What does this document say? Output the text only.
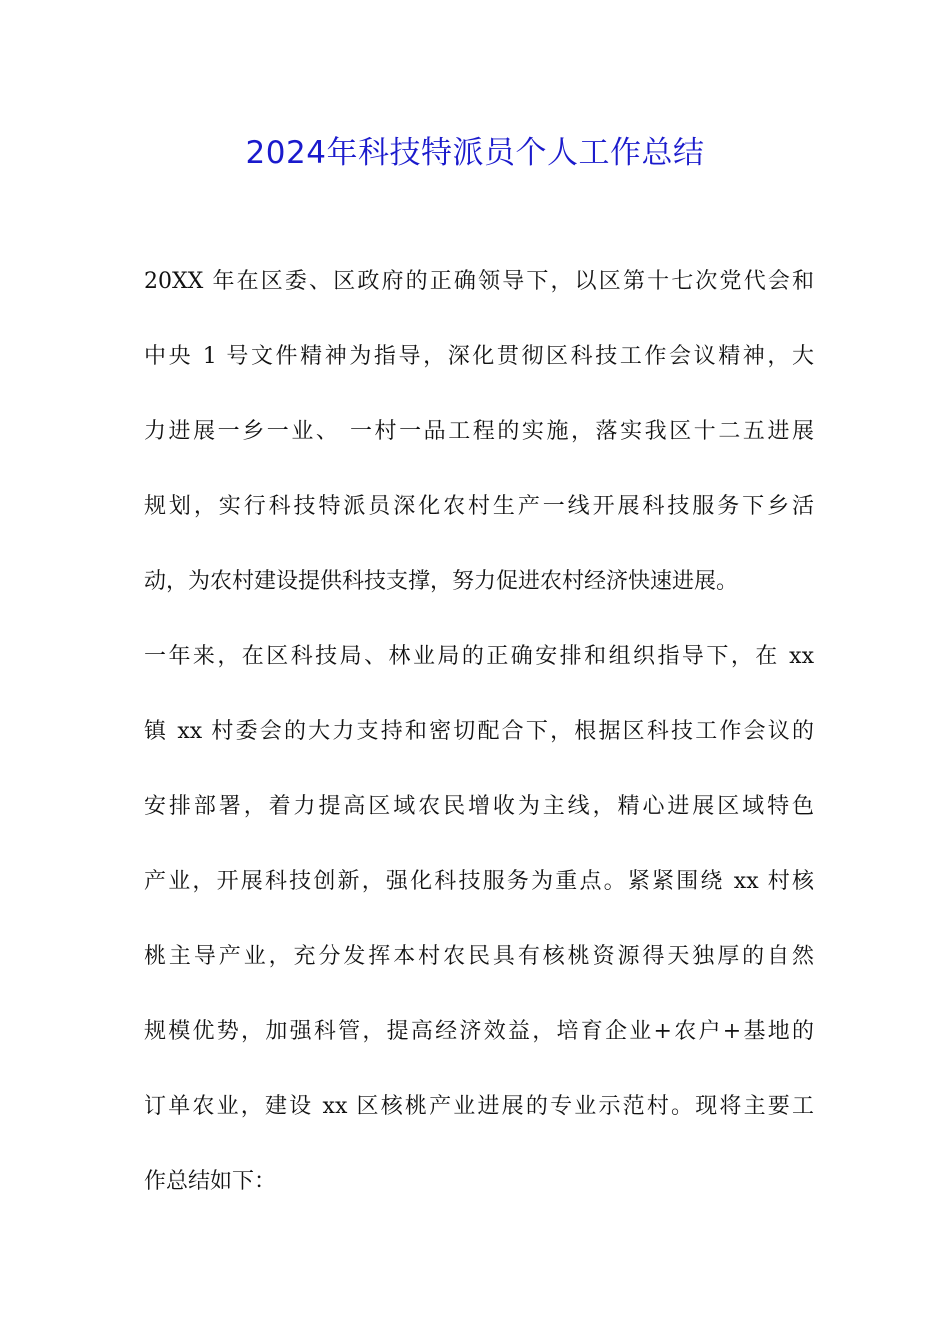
2024年科技特派员个人工作总结
20XX 年在区委、区政府的正确领导下，以区第十七次党代会和
中央 1 号文件精神为指导，深化贯彻区科技工作会议精神，大
力进展一乡一业、 一村一品工程的实施，落实我区十二五进展
规划，实行科技特派员深化农村生产一线开展科技服务下乡活
动，为农村建设提供科技支撑，努力促进农村经济快速进展。
一年来，在区科技局、林业局的正确安排和组织指导下，在 xx
镇 xx 村委会的大力支持和密切配合下，根据区科技工作会议的
安排部署，着力提高区域农民增收为主线，精心进展区域特色
产业，开展科技创新，强化科技服务为重点。紧紧围绕 xx 村核
桃主导产业，充分发挥本村农民具有核桃资源得天独厚的自然
规模优势，加强科管，提高经济效益，培育企业+农户+基地的
订单农业，建设 xx 区核桃产业进展的专业示范村。现将主要工
作总结如下：
